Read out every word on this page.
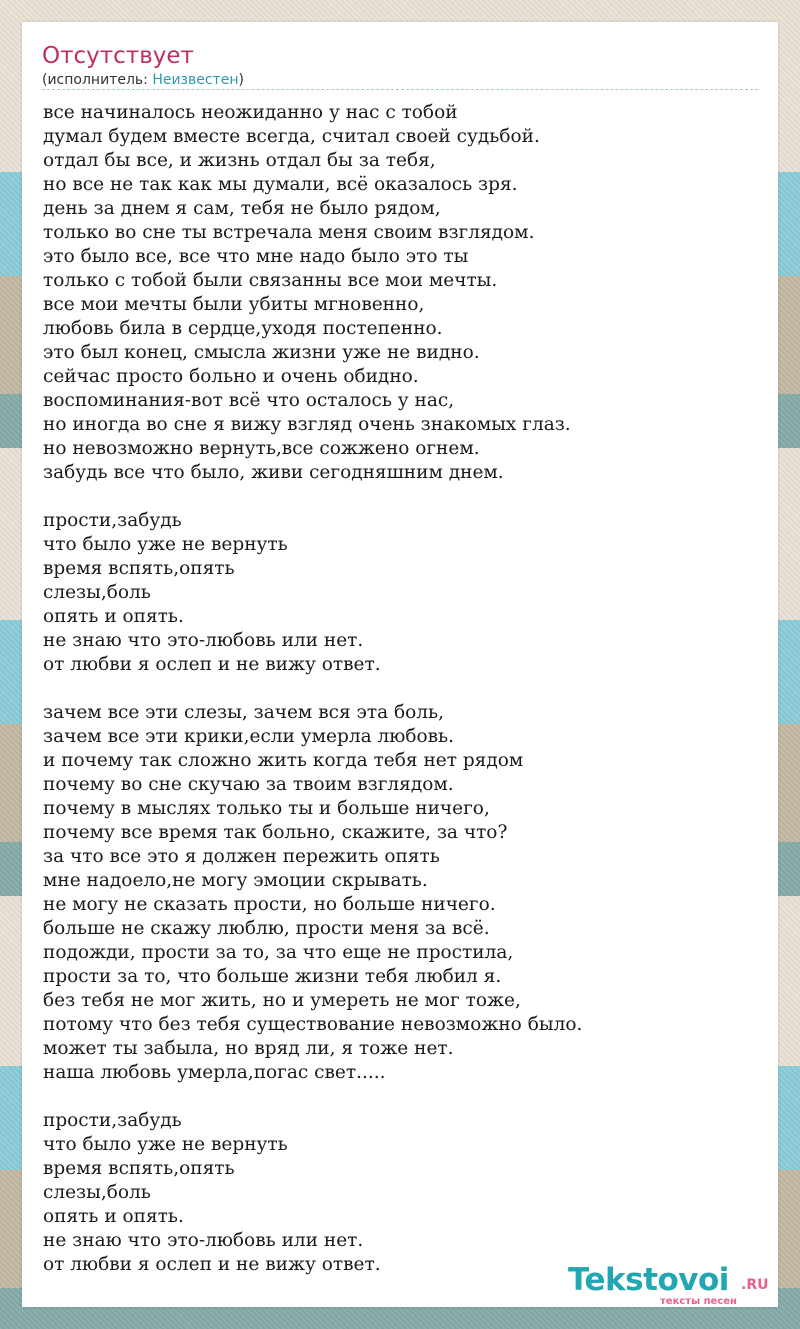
Отсутствует
(исполнитель: Неизвестен)
все начиналось неожиданно у нас с тобой
думал будем вместе всегда, считал своей судьбой.
отдал бы все, и жизнь отдал бы за тебя,
но все не так как мы думали, всё оказалось зря.
день за днем я сам, тебя не было рядом,
только во сне ты встречала меня своим взглядом.
это было все, все что мне надо было это ты
только с тобой были связанны все мои мечты.
все мои мечты были убиты мгновенно,
любовь била в сердце,уходя постепенно.
это был конец, смысла жизни уже не видно.
сейчас просто больно и очень обидно.
воспоминания-вот всё что осталось у нас,
но иногда во сне я вижу взгляд очень знакомых глаз.
но невозможно вернуть,все сожжено огнем.
забудь все что было, живи сегодняшним днем.

прости,забудь
что было уже не вернуть
время вспять,опять
слезы,боль
опять и опять.
не знаю что это-любовь или нет.
от любви я ослеп и не вижу ответ.

зачем все эти слезы, зачем вся эта боль,
зачем все эти крики,если умерла любовь.
и почему так сложно жить когда тебя нет рядом
почему во сне скучаю за твоим взглядом.
почему в мыслях только ты и больше ничего,
почему все время так больно, скажите, за что?
за что все это я должен пережить опять
мне надоело,не могу эмоции скрывать.
не могу не сказать прости, но больше ничего.
больше не скажу люблю, прости меня за всё.
подожди, прости за то, за что еще не простила,
прости за то, что больше жизни тебя любил я.
без тебя не мог жить, но и умереть не мог тоже,
потому что без тебя существование невозможно было.
может ты забыла, но вряд ли, я тоже нет.
наша любовь умерла,погас свет.....

прости,забудь
что было уже не вернуть
время вспять,опять
слезы,боль
опять и опять.
не знаю что это-любовь или нет.
от любви я ослеп и не вижу ответ.	Tekstovoi .RU
тексты песен
